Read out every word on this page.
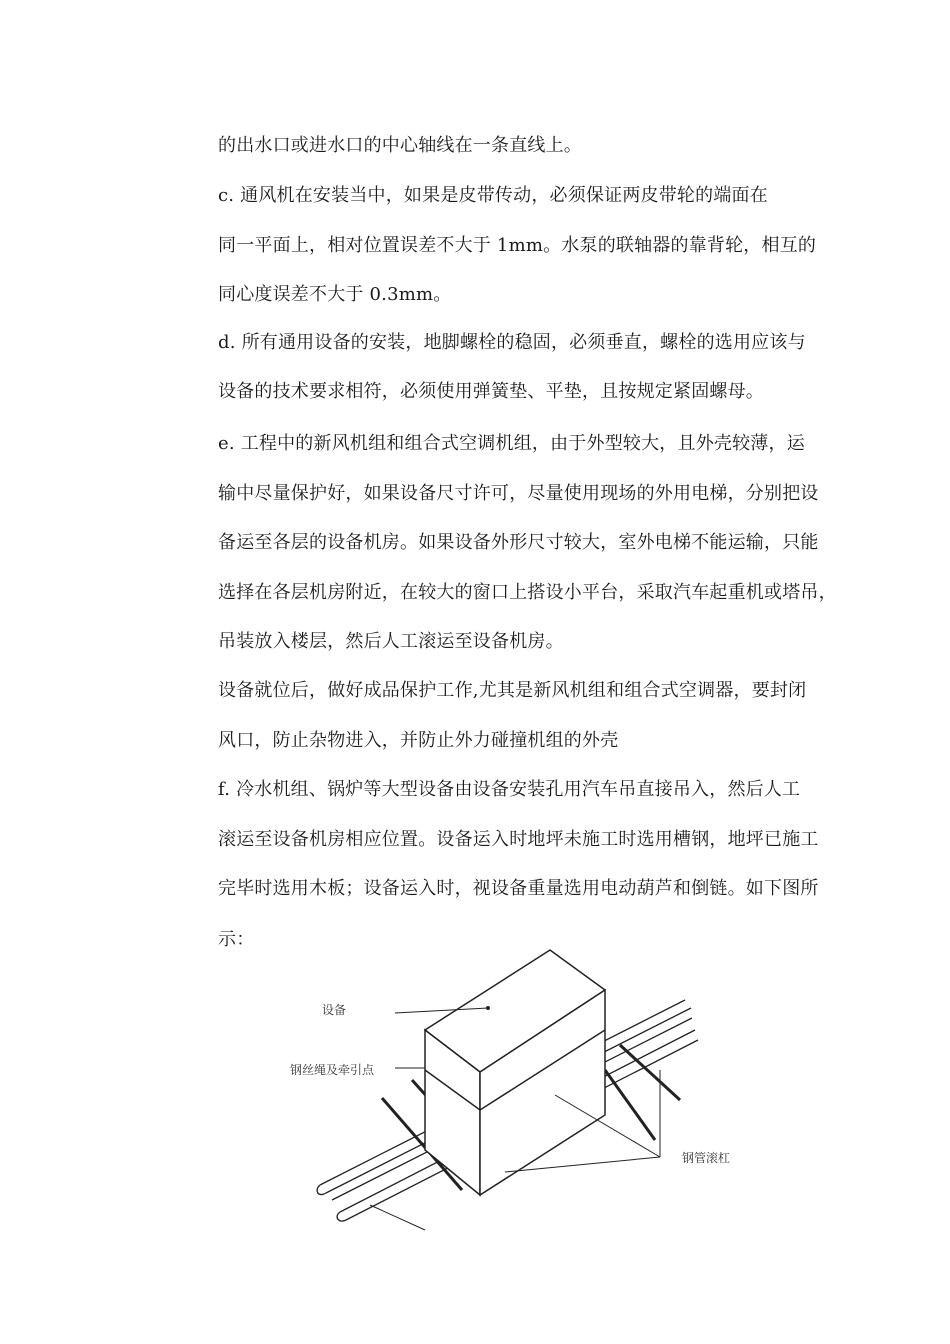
的出水口或进水口的中心轴线在一条直线上。

c. 通风机在安装当中，如果是皮带传动，必须保证两皮带轮的端面在

同一平面上，相对位置误差不大于 1mm。水泵的联轴器的靠背轮，相互的

同心度误差不大于 0.3mm。

d. 所有通用设备的安装，地脚螺栓的稳固，必须垂直，螺栓的选用应该与

设备的技术要求相符，必须使用弹簧垫、平垫，且按规定紧固螺母。

e. 工程中的新风机组和组合式空调机组，由于外型较大，且外壳较薄，运

输中尽量保护好，如果设备尺寸许可，尽量使用现场的外用电梯，分别把设

备运至各层的设备机房。如果设备外形尺寸较大，室外电梯不能运输，只能

选择在各层机房附近，在较大的窗口上搭设小平台，采取汽车起重机或塔吊，

吊装放入楼层，然后人工滚运至设备机房。

设备就位后，做好成品保护工作,尤其是新风机组和组合式空调器，要封闭

风口，防止杂物进入，并防止外力碰撞机组的外壳

f. 冷水机组、锅炉等大型设备由设备安装孔用汽车吊直接吊入，然后人工

滚运至设备机房相应位置。设备运入时地坪未施工时选用槽钢，地坪已施工

完毕时选用木板；设备运入时，视设备重量选用电动葫芦和倒链。如下图所

示：

设备
钢丝绳及牵引点
钢管滚杠
